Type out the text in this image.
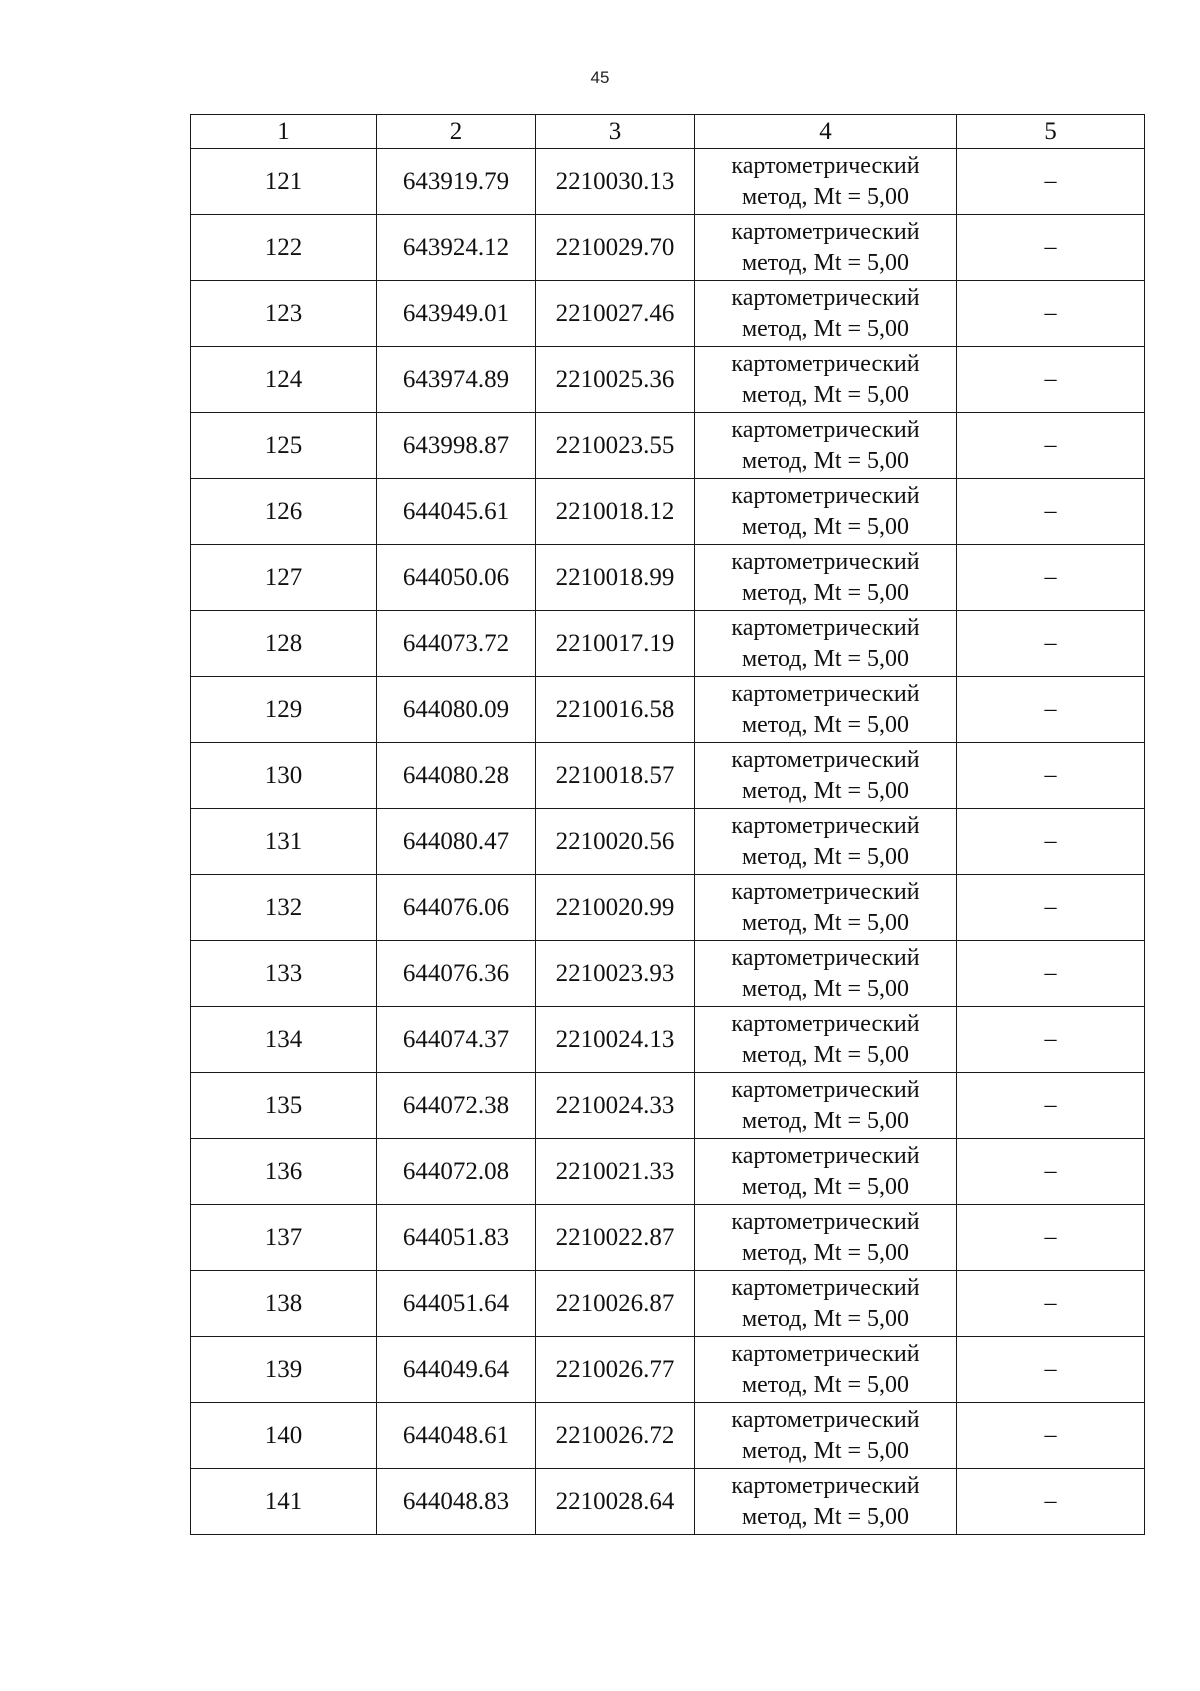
45
1	2	3	4	5
121	643919.79	2210030.13	картометрический
метод, Mt = 5,00	–
122	643924.12	2210029.70	картометрический
метод, Mt = 5,00	–
123	643949.01	2210027.46	картометрический
метод, Mt = 5,00	–
124	643974.89	2210025.36	картометрический
метод, Mt = 5,00	–
125	643998.87	2210023.55	картометрический
метод, Mt = 5,00	–
126	644045.61	2210018.12	картометрический
метод, Mt = 5,00	–
127	644050.06	2210018.99	картометрический
метод, Mt = 5,00	–
128	644073.72	2210017.19	картометрический
метод, Mt = 5,00	–
129	644080.09	2210016.58	картометрический
метод, Mt = 5,00	–
130	644080.28	2210018.57	картометрический
метод, Mt = 5,00	–
131	644080.47	2210020.56	картометрический
метод, Mt = 5,00	–
132	644076.06	2210020.99	картометрический
метод, Mt = 5,00	–
133	644076.36	2210023.93	картометрический
метод, Mt = 5,00	–
134	644074.37	2210024.13	картометрический
метод, Mt = 5,00	–
135	644072.38	2210024.33	картометрический
метод, Mt = 5,00	–
136	644072.08	2210021.33	картометрический
метод, Mt = 5,00	–
137	644051.83	2210022.87	картометрический
метод, Mt = 5,00	–
138	644051.64	2210026.87	картометрический
метод, Mt = 5,00	–
139	644049.64	2210026.77	картометрический
метод, Mt = 5,00	–
140	644048.61	2210026.72	картометрический
метод, Mt = 5,00	–
141	644048.83	2210028.64	картометрический
метод, Mt = 5,00	–
